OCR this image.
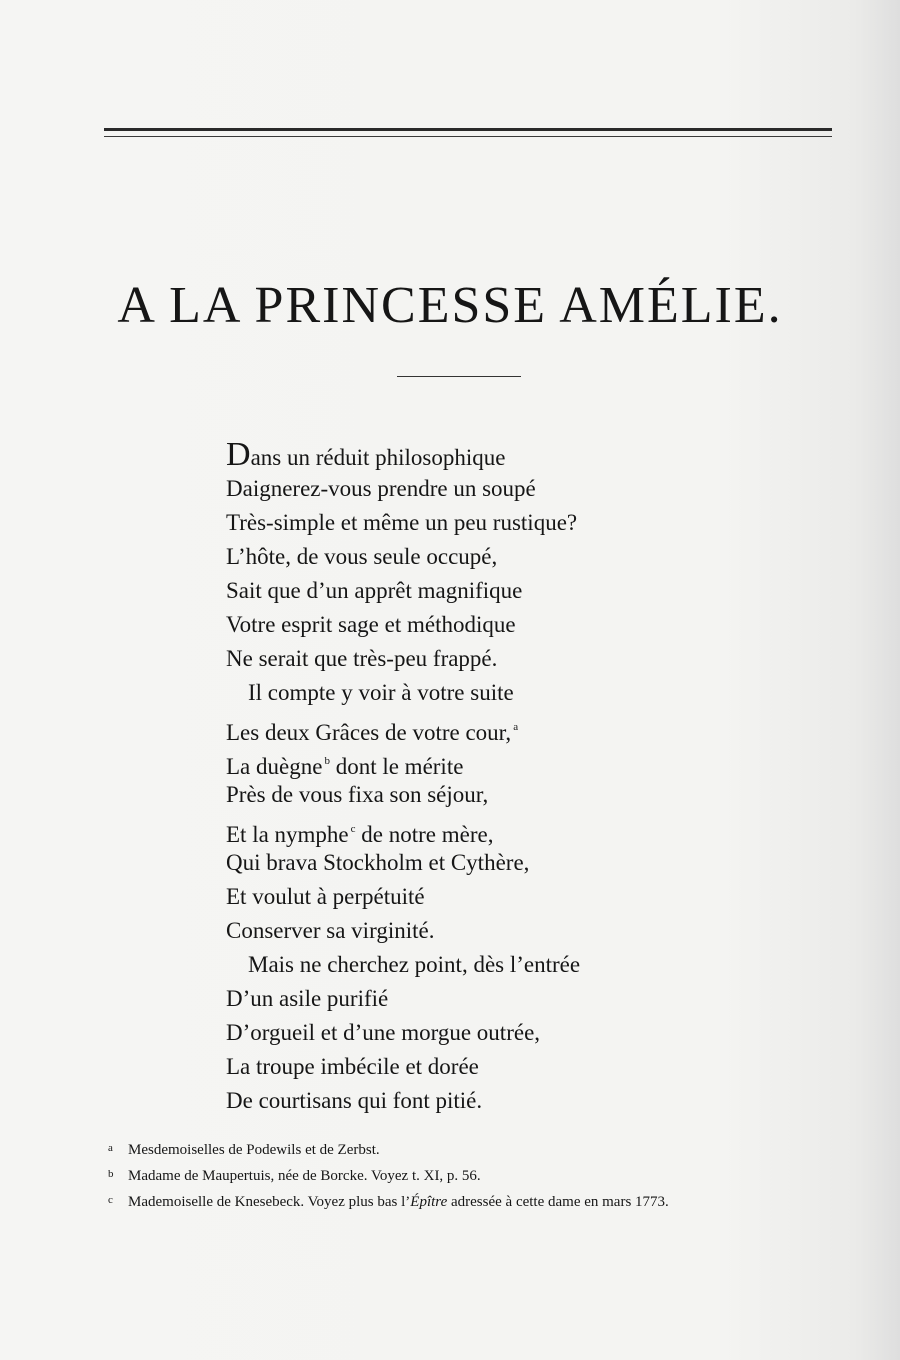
A LA PRINCESSE AMÉLIE.
Dans un réduit philosophique
Daignerez-vous prendre un soupé
Très-simple et même un peu rustique?
L’hôte, de vous seule occupé,
Sait que d’un apprêt magnifique
Votre esprit sage et méthodique
Ne serait que très-peu frappé.
Il compte y voir à votre suite
Les deux Grâces de votre cour, $^a$
La duègne $^b$ dont le mérite
Près de vous fixa son séjour,
Et la nymphe $^c$ de notre mère,
Qui brava Stockholm et Cythère,
Et voulut à perpétuité
Conserver sa virginité.
Mais ne cherchez point, dès l’entrée
D’un asile purifié
D’orgueil et d’une morgue outrée,
La troupe imbécile et dorée
De courtisans qui font pitié.
a Mesdemoiselles de Podewils et de Zerbst.
b Madame de Maupertuis, née de Borcke. Voyez t. XI, p. 56.
c Mademoiselle de Knesebeck. Voyez plus bas l’Épître adressée à cette dame en mars 1773.
